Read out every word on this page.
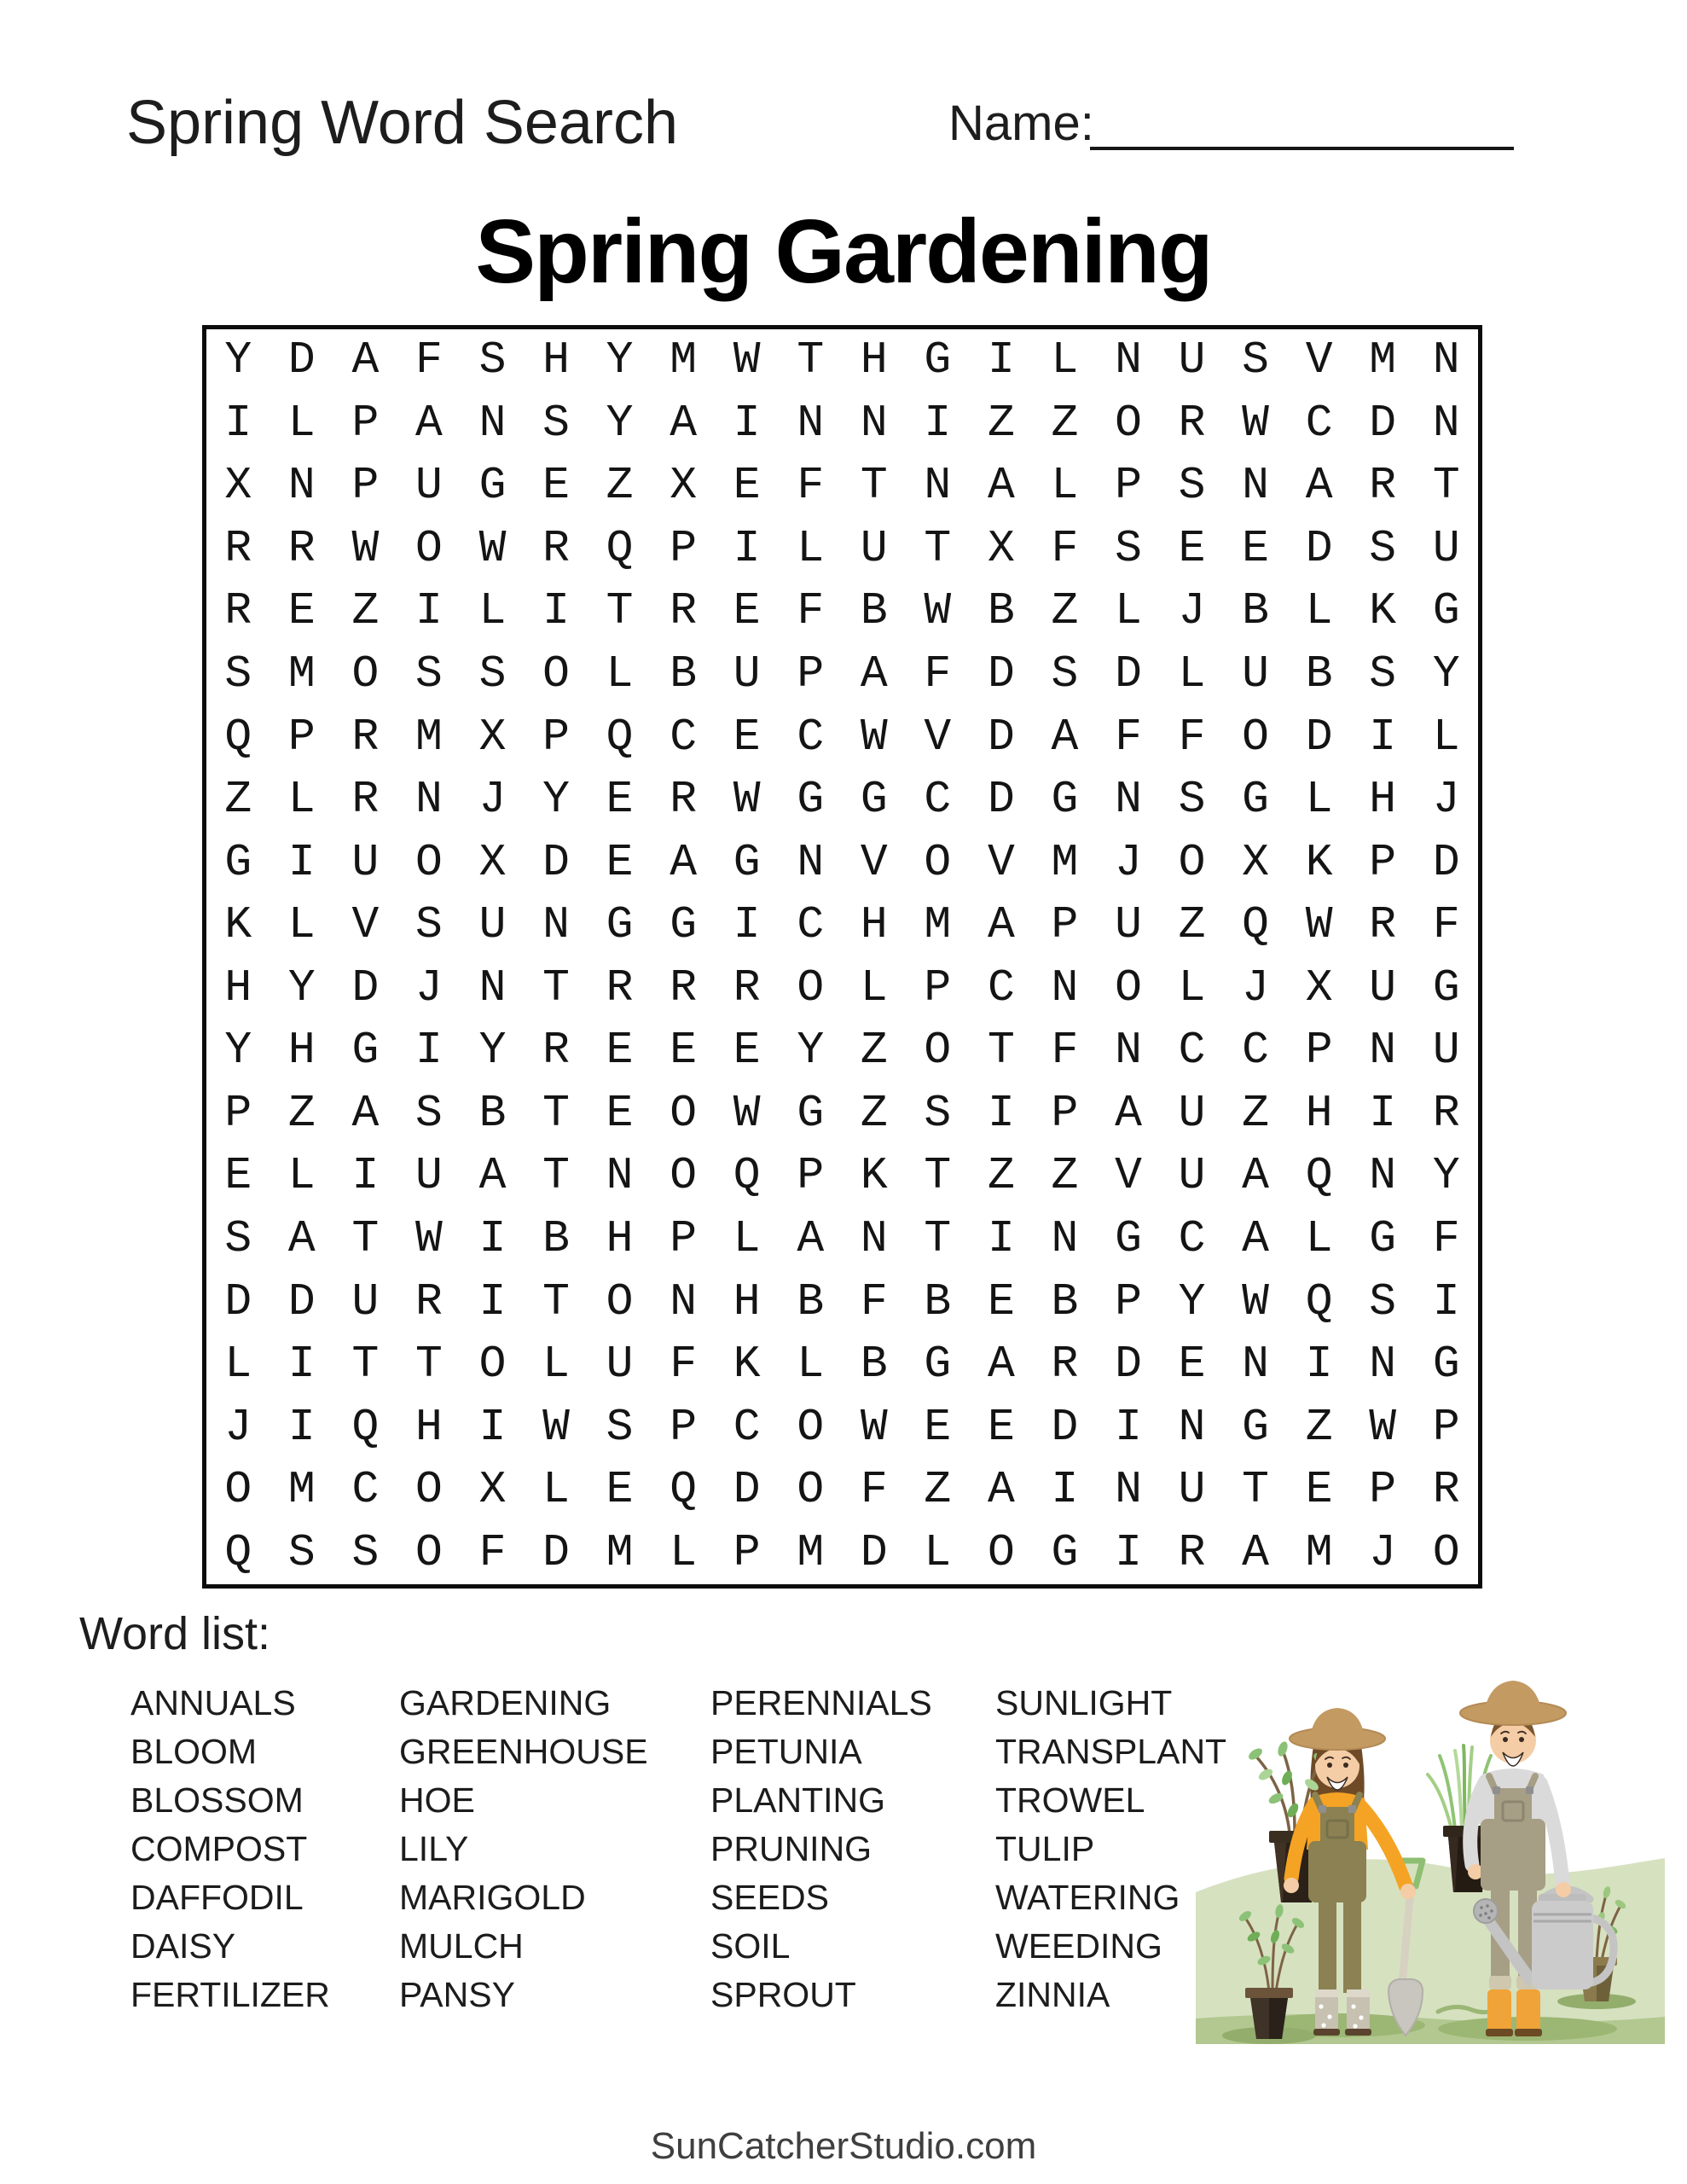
Spring Word Search	Name:
Spring Gardening
Y D A F S H Y M W T H G I L N U S V M N
I L P A N S Y A I N N I Z Z O R W C D N
X N P U G E Z X E F T N A L P S N A R T
R R W O W R Q P I L U T X F S E E D S U
R E Z I L I T R E F B W B Z L J B L K G
S M O S S O L B U P A F D S D L U B S Y
Q P R M X P Q C E C W V D A F F O D I L
Z L R N J Y E R W G G C D G N S G L H J
G I U O X D E A G N V O V M J O X K P D
K L V S U N G G I C H M A P U Z Q W R F
H Y D J N T R R R O L P C N O L J X U G
Y H G I Y R E E E Y Z O T F N C C P N U
P Z A S B T E O W G Z S I P A U Z H I R
E L I U A T N O Q P K T Z Z V U A Q N Y
S A T W I B H P L A N T I N G C A L G F
D D U R I T O N H B F B E B P Y W Q S I
L I T T O L U F K L B G A R D E N I N G
J I Q H I W S P C O W E E D I N G Z W P
O M C O X L E Q D O F Z A I N U T E P R
Q S S O F D M L P M D L O G I R A M J O
Word list:
ANNUALS
BLOOM
BLOSSOM
COMPOST
DAFFODIL
DAISY
FERTILIZER
GARDENING
GREENHOUSE
HOE
LILY
MARIGOLD
MULCH
PANSY
PERENNIALS
PETUNIA
PLANTING
PRUNING
SEEDS
SOIL
SPROUT
SUNLIGHT
TRANSPLANT
TROWEL
TULIP
WATERING
WEEDING
ZINNIA
SunCatcherStudio.com
